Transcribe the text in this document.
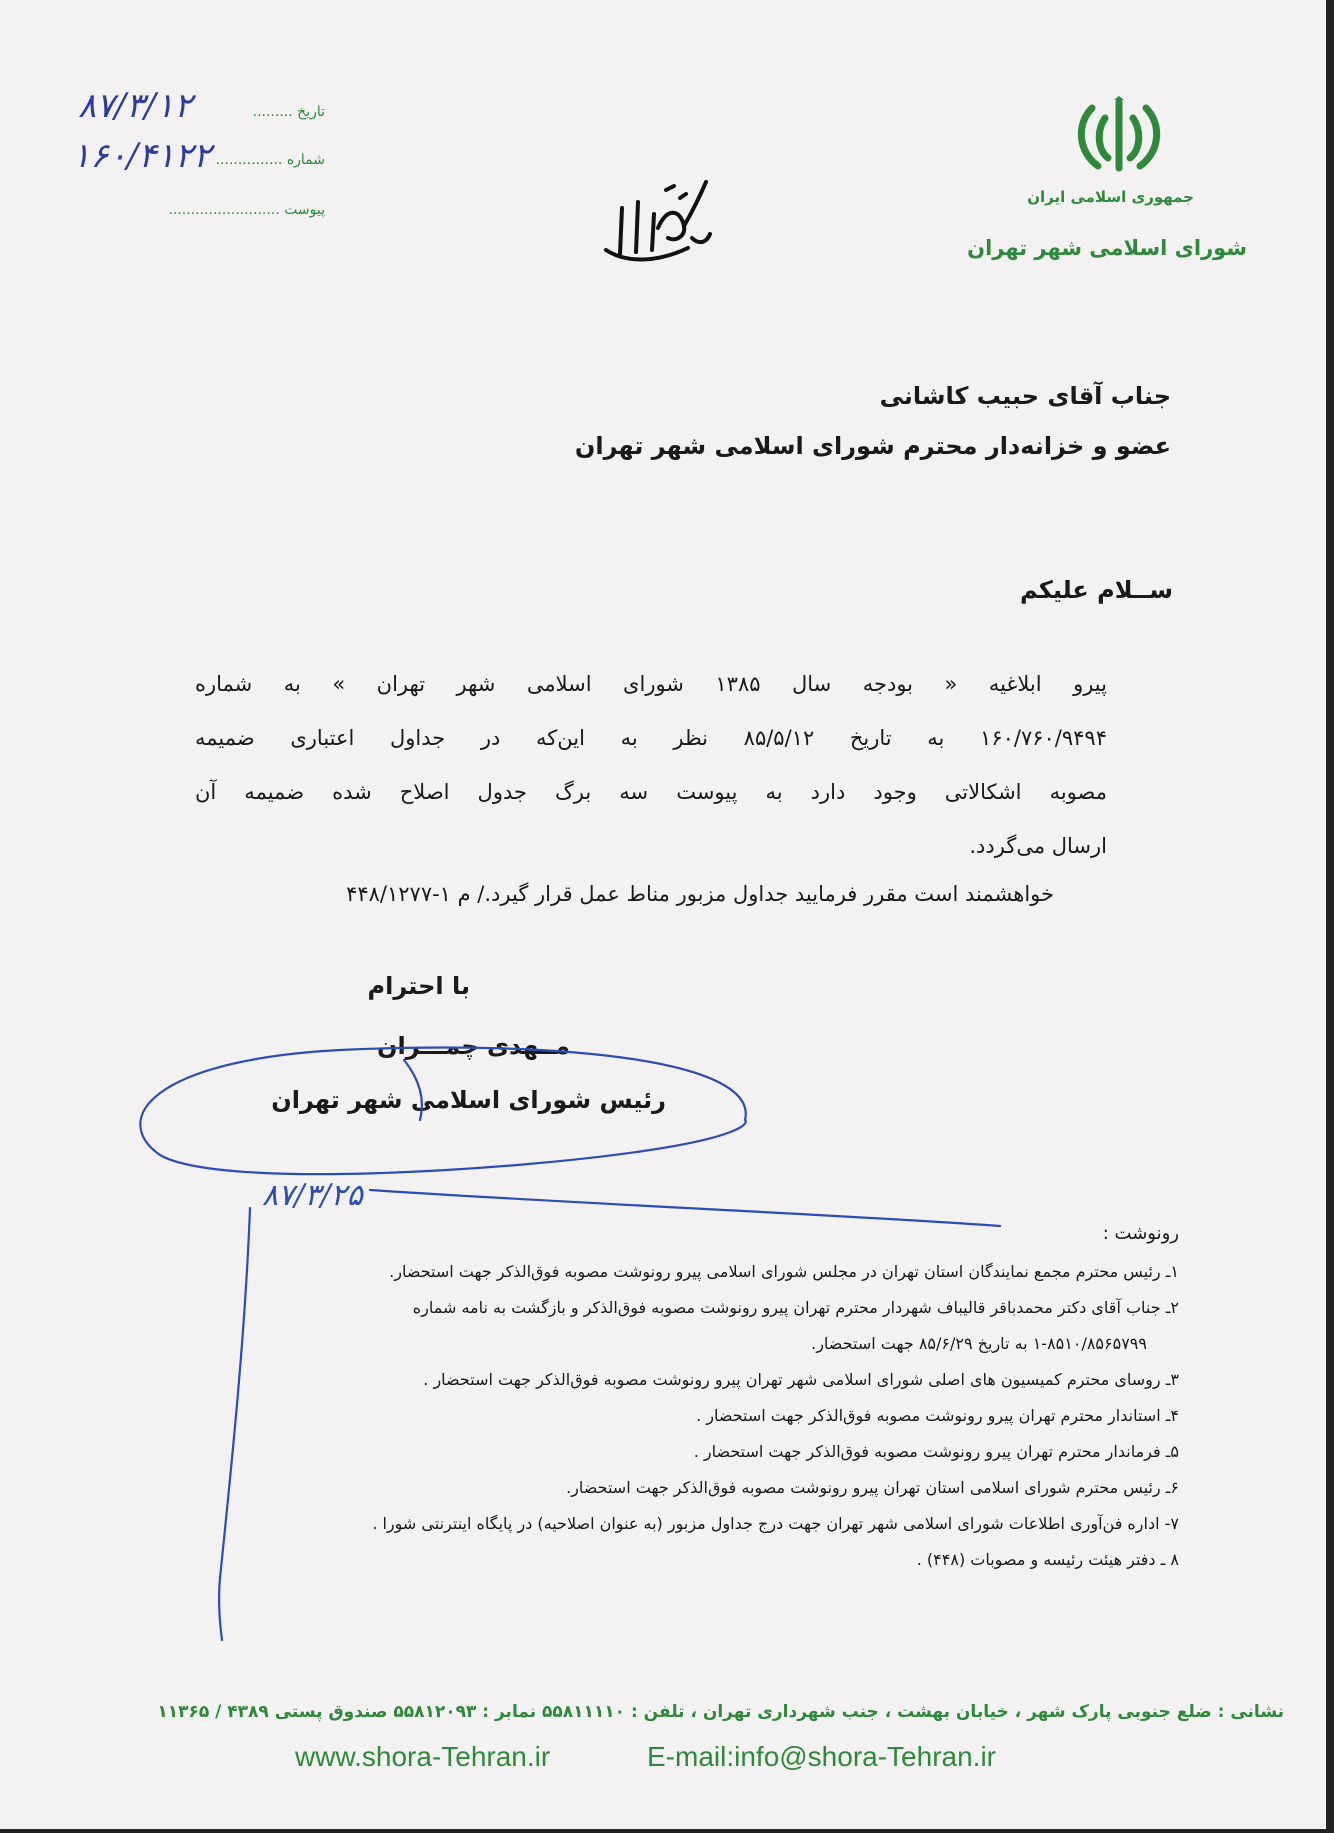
جمهوری اسلامی ایران
شورای اسلامی شهر تهران
تاریخ .........
شماره ...............
پیوست .........................
۸۷/۳/۱۲
۱۶۰/۴۱۲۲
جناب آقای حبیب کاشانی
عضو و خزانه‌دار محترم شورای اسلامی شهر تهران
ســلام علیکم
پیرو ابلاغیه « بودجه سال ۱۳۸۵ شورای اسلامی شهر تهران » به شماره
۱۶۰/۷۶۰/۹۴۹۴ به تاریخ ۸۵/۵/۱۲ نظر به این‌که در جداول اعتباری ضمیمه
مصوبه اشکالاتی وجود دارد به پیوست سه برگ جدول اصلاح شده ضمیمه آن
ارسال می‌گردد.
خواهشمند است مقرر فرمایید جداول مزبور مناط عمل قرار گیرد./ م ۱-۴۴۸/۱۲۷۷
با احترام
مــهدی چمـــران
رئیس شورای اسلامی شهر تهران
۸۷/۳/۲۵
رونوشت :
۱ـ رئیس محترم مجمع نمایندگان استان تهران در مجلس شورای اسلامی پیرو رونوشت مصوبه فوق‌الذکر جهت استحضار.
۲ـ جناب آقای دکتر محمدباقر قالیباف شهردار محترم تهران پیرو رونوشت مصوبه فوق‌الذکر و بازگشت به نامه شماره
۱-۸۵۱۰/۸۵۶۵۷۹۹ به تاریخ ۸۵/۶/۲۹ جهت استحضار.
۳ـ روسای محترم کمیسیون های اصلی شورای اسلامی شهر تهران پیرو رونوشت مصوبه فوق‌الذکر جهت استحضار .
۴ـ استاندار محترم تهران پیرو رونوشت مصوبه فوق‌الذکر جهت استحضار .
۵ـ فرماندار محترم تهران پیرو رونوشت مصوبه فوق‌الذکر جهت استحضار .
۶ـ رئیس محترم شورای اسلامی استان تهران پیرو رونوشت مصوبه فوق‌الذکر جهت استحضار.
۷- اداره فن‌آوری اطلاعات شورای اسلامی شهر تهران جهت درج جداول مزبور (به عنوان اصلاحیه) در پایگاه اینترنتی شورا .
۸ ـ دفتر هیئت رئیسه و مصوبات (۴۴۸) .
نشانی : ضلع جنوبی پارک شهر ، خیابان بهشت ، جنب شهرداری تهران ، تلفن : ۵۵۸۱۱۱۱۰ نمابر : ۵۵۸۱۲۰۹۳ صندوق پستی ۴۳۸۹ / ۱۱۳۶۵
www.shora-Tehran.ir	E-mail:info@shora-Tehran.ir
